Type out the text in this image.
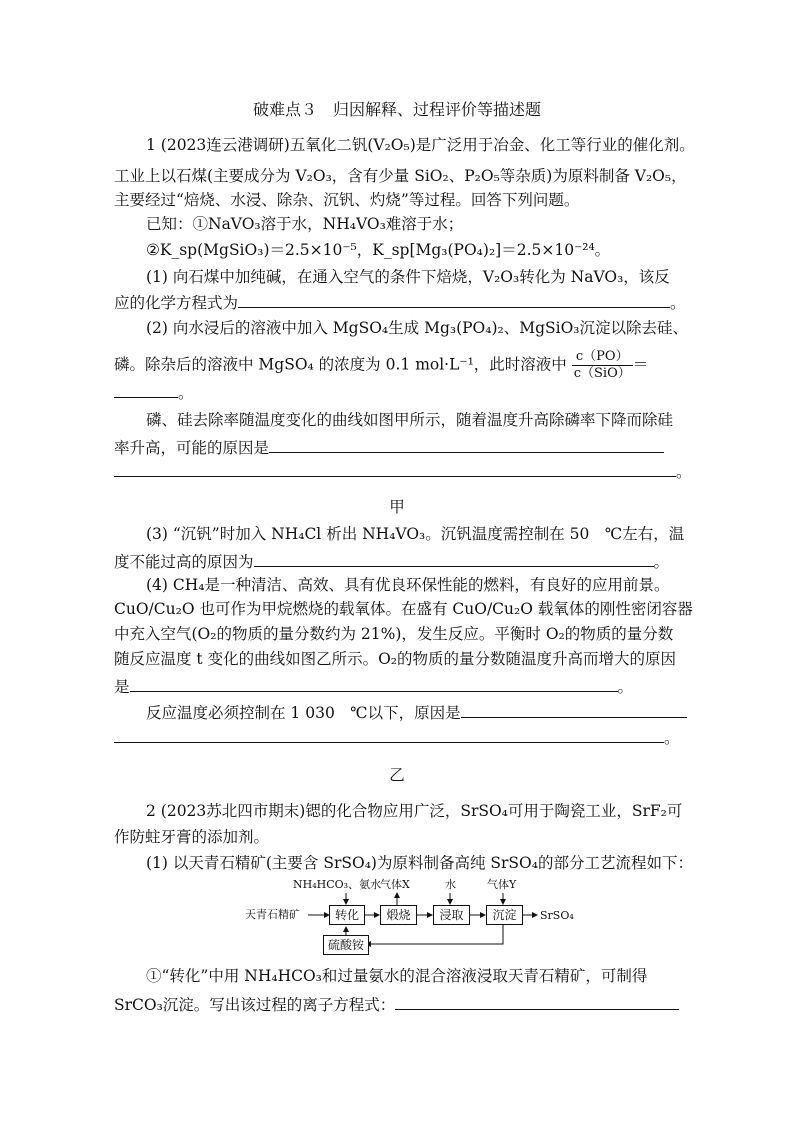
破难点３　归因解释、过程评价等描述题
1 (2023连云港调研)五氧化二钒(V₂O₅)是广泛用于冶金、化工等行业的催化剂。
工业上以石煤(主要成分为 V₂O₃，含有少量 SiO₂、P₂O₅等杂质)为原料制备 V₂O₅，
主要经过“焙烧、水浸、除杂、沉钒、灼烧”等过程。回答下列问题。
已知：①NaVO₃溶于水，NH₄VO₃难溶于水；
②K_sp(MgSiO₃)＝2.5×10⁻⁵，K_sp[Mg₃(PO₄)₂]＝2.5×10⁻²⁴。
(1) 向石煤中加纯碱，在通入空气的条件下焙烧，V₂O₃转化为 NaVO₃，该反
应的化学方程式为	。
(2) 向水浸后的溶液中加入 MgSO₄生成 Mg₃(PO₄)₂、MgSiO₃沉淀以除去硅、
磷。除杂后的溶液中 MgSO₄ 的浓度为 0.1 mol·L⁻¹，此时溶液中 $\frac{c(PO)}{\text{c（SiO）}}$ ＝
。
磷、硅去除率随温度变化的曲线如图甲所示，随着温度升高除磷率下降而除硅
率升高，可能的原因是
。
甲
(3) “沉钒”时加入 NH₄Cl 析出 NH₄VO₃。沉钒温度需控制在 50　℃左右，温
度不能过高的原因为	。
(4) CH₄是一种清洁、高效、具有优良环保性能的燃料，有良好的应用前景。
CuO/Cu₂O 也可作为甲烷燃烧的载氧体。在盛有 CuO/Cu₂O 载氧体的刚性密闭容器
中充入空气(O₂的物质的量分数约为 21%)，发生反应。平衡时 O₂的物质的量分数
随反应温度 t 变化的曲线如图乙所示。O₂的物质的量分数随温度升高而增大的原因
是	。
反应温度必须控制在 1 030　℃以下，原因是
。
乙
2 (2023苏北四市期末)锶的化合物应用广泛，SrSO₄可用于陶瓷工业，SrF₂可
作防蛀牙膏的添加剂。
(1) 以天青石精矿(主要含 SrSO₄)为原料制备高纯 SrSO₄的部分工艺流程如下：
天青石精矿
NH₄HCO₃、氨水
气体X	水	气体Y
转化	煅烧	浸取	沉淀	SrSO₄
硫酸铵
①“转化”中用 NH₄HCO₃和过量氨水的混合溶液浸取天青石精矿，可制得
SrCO₃沉淀。写出该过程的离子方程式：
